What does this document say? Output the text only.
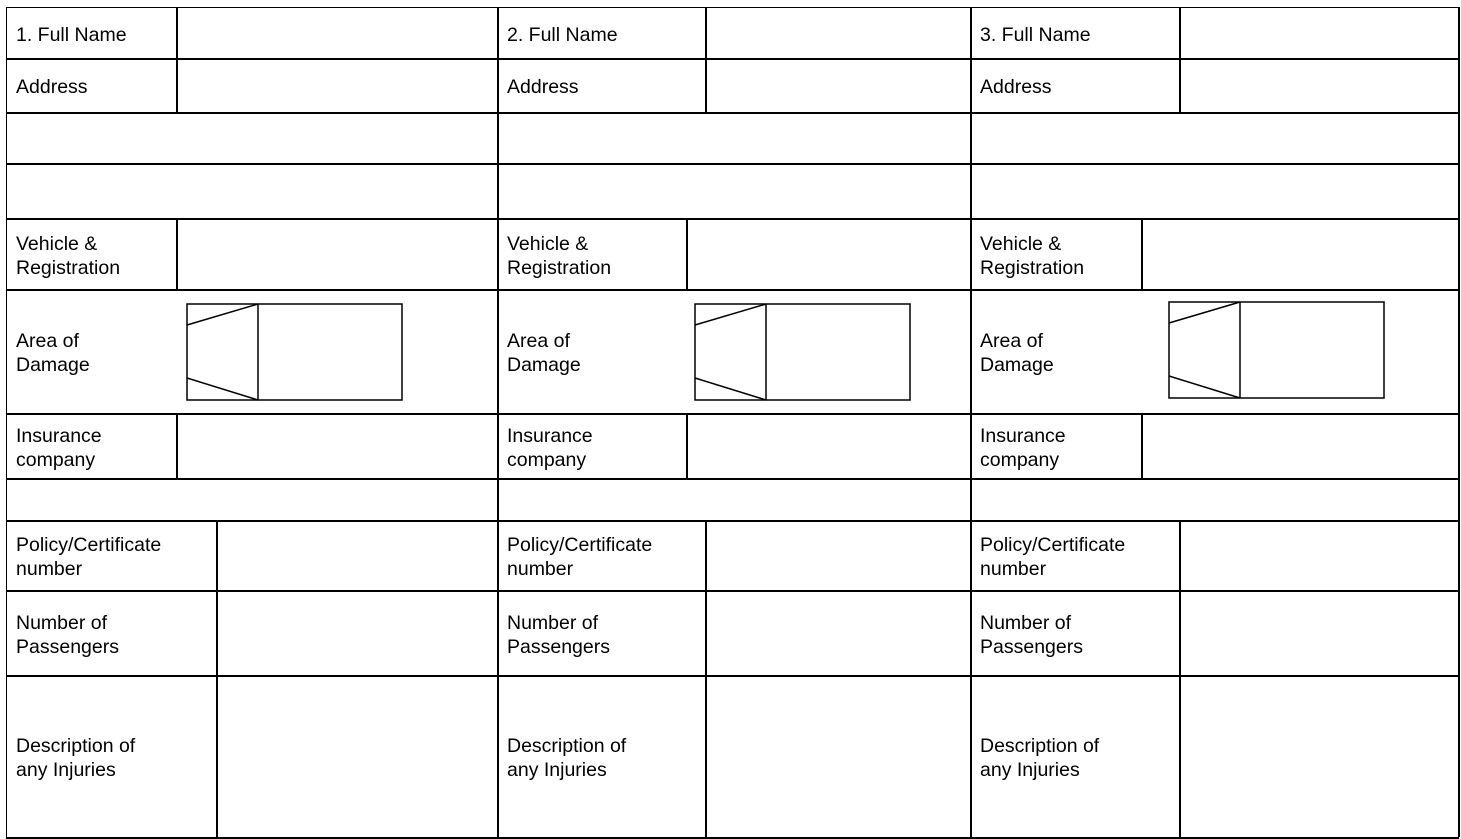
1. Full Name
Address
Vehicle &
Registration
Area of
Damage
Insurance
company
Policy/Certificate
number
Number of
Passengers
Description of
any Injuries
2. Full Name
Address
Vehicle &
Registration
Area of
Damage
Insurance
company
Policy/Certificate
number
Number of
Passengers
Description of
any Injuries
3. Full Name
Address
Vehicle &
Registration
Area of
Damage
Insurance
company
Policy/Certificate
number
Number of
Passengers
Description of
any Injuries
